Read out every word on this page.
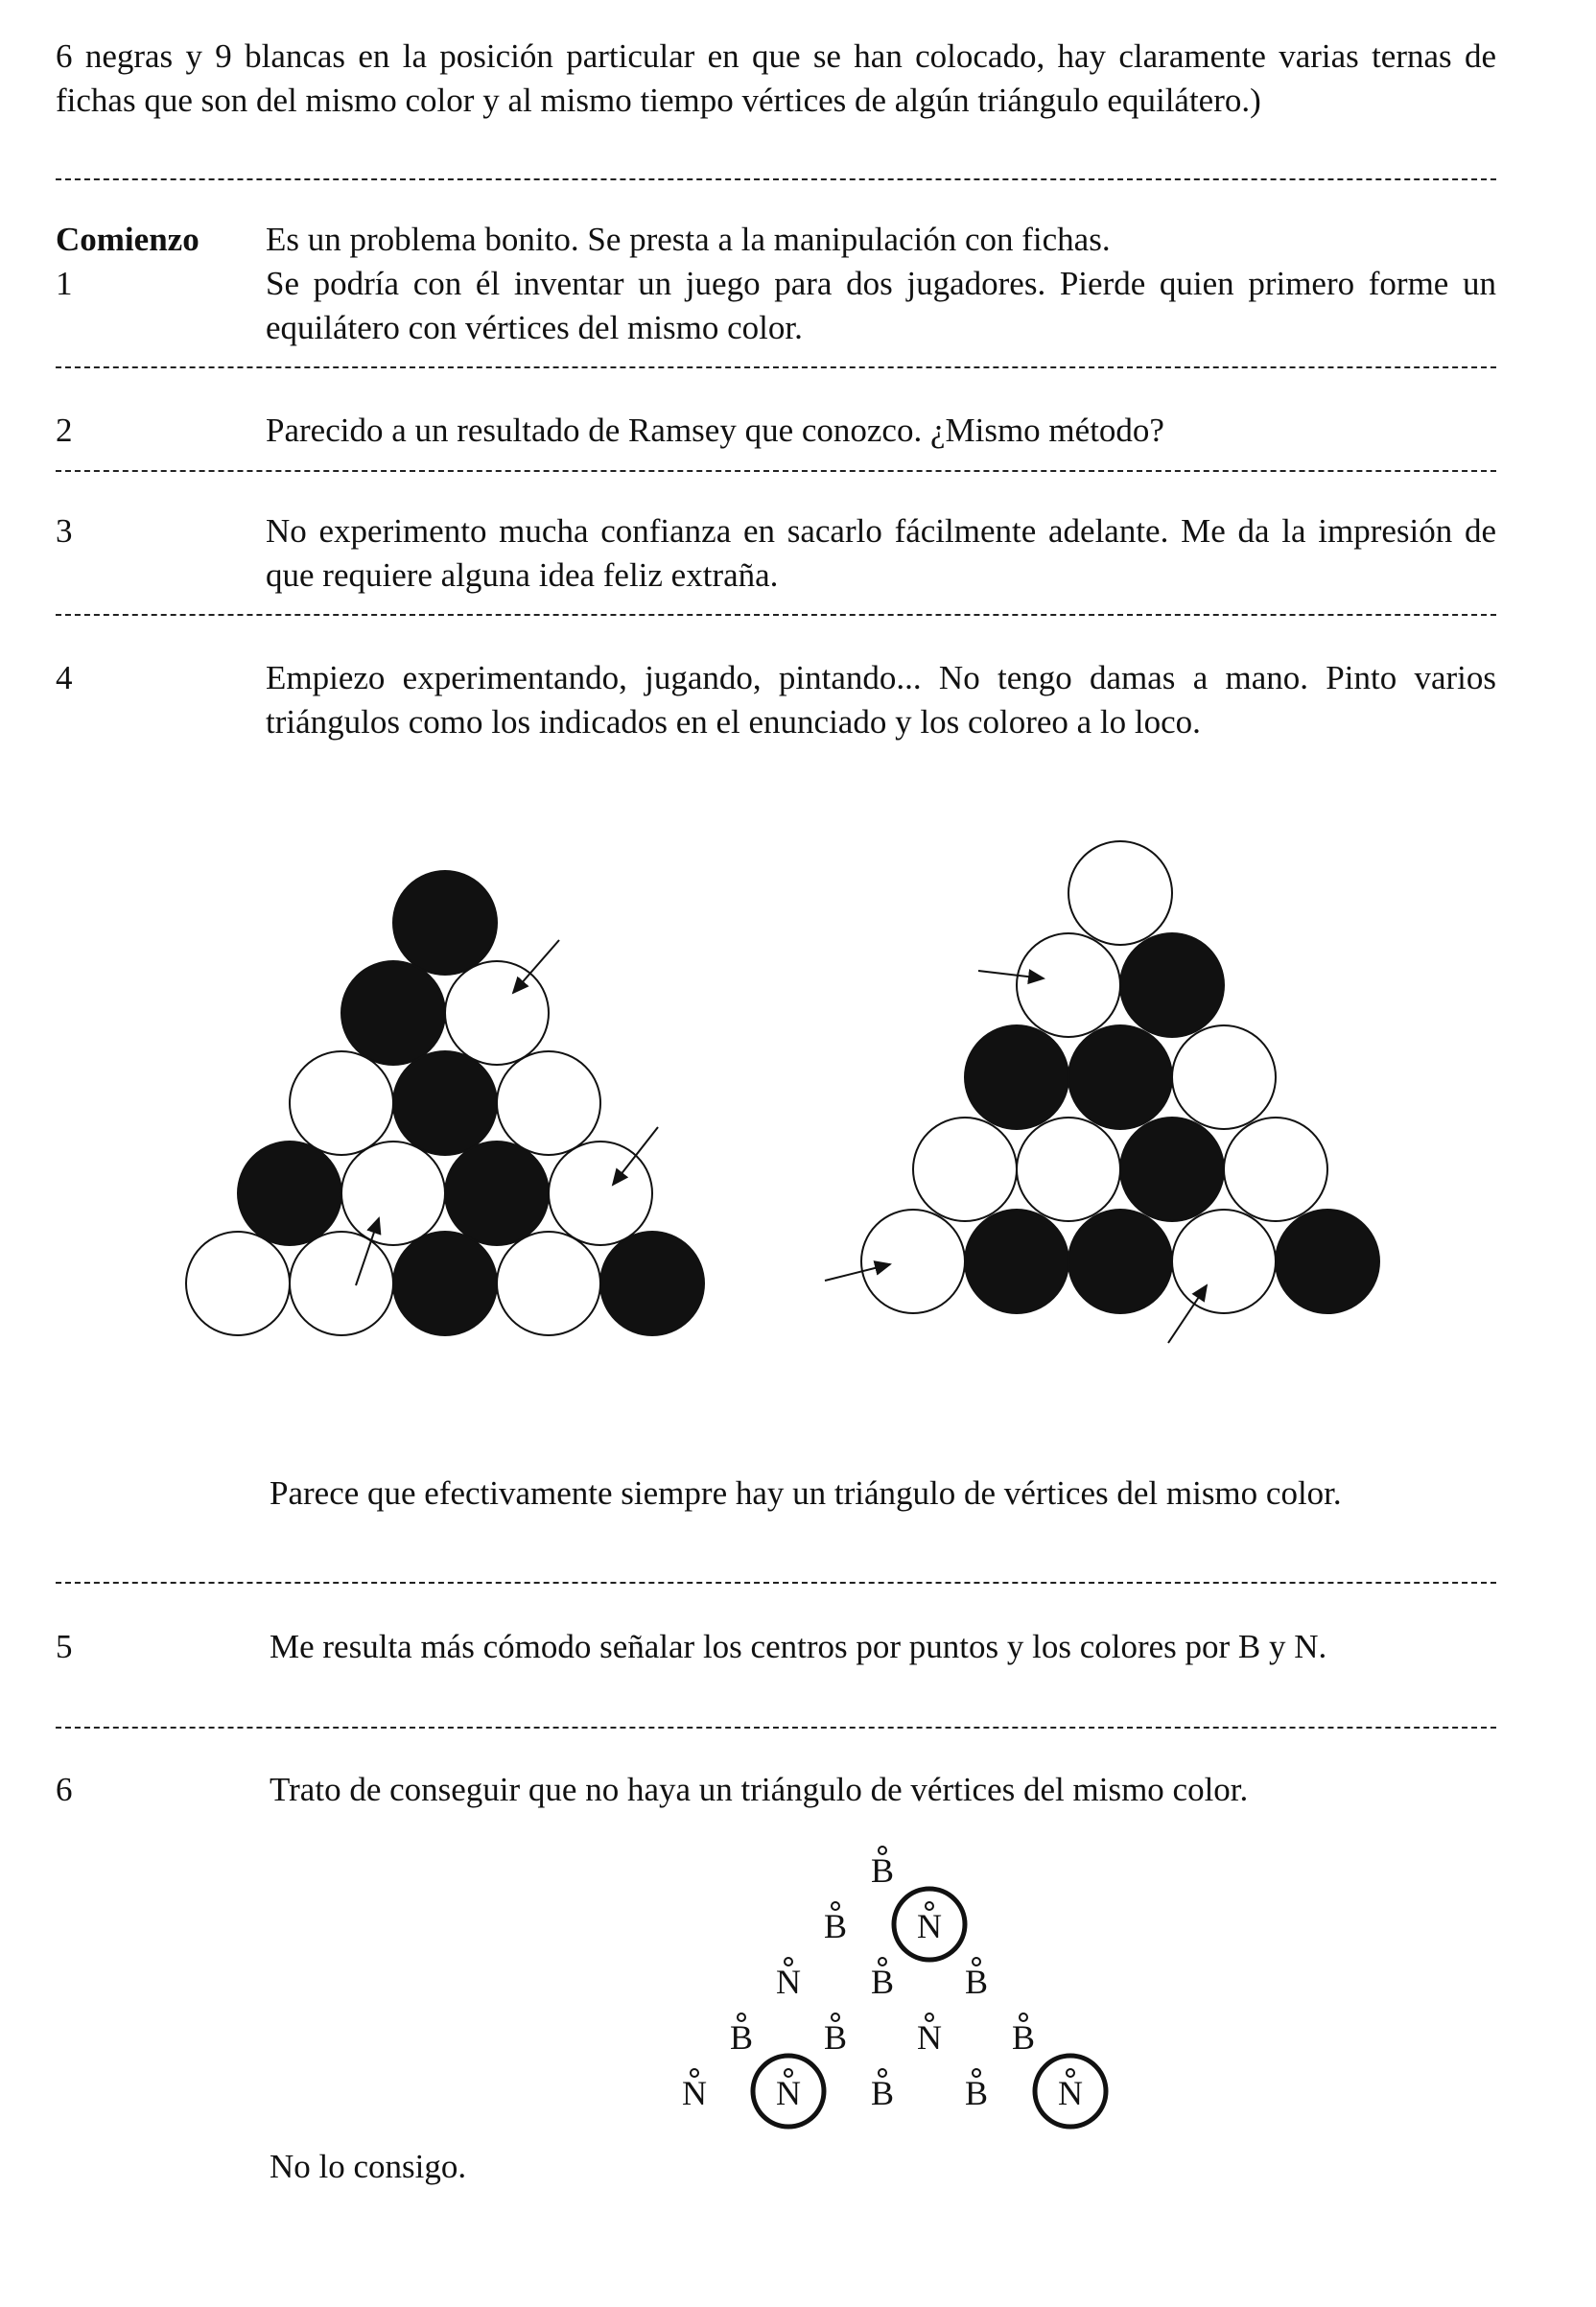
6 negras y 9 blancas en la posición particular en que se han colocado, hay claramente varias ternas de fichas que son del mismo color y al mismo tiempo vértices de algún triángulo equilátero.)
Comienzo
1
Es un problema bonito. Se presta a la manipulación con fichas.
Se podría con él inventar un juego para dos jugadores. Pierde quien primero forme un equilátero con vértices del mismo color.
2	Parecido a un resultado de Ramsey que conozco. ¿Mismo método?
3	No experimento mucha confianza en sacarlo fácilmente adelante. Me da la impresión de que requiere alguna idea feliz extraña.
4	Empiezo experimentando, jugando, pintando... No tengo damas a mano. Pinto varios triángulos como los indicados en el enunciado y los coloreo a lo loco.
Parece que efectivamente siempre hay un triángulo de vértices del mismo color.
5	Me resulta más cómodo señalar los centros por puntos y los colores por B y N.
6	Trato de conseguir que no haya un triángulo de vértices del mismo color.
No lo consigo.
B
B N
N B B
B B N B
N N B B N
